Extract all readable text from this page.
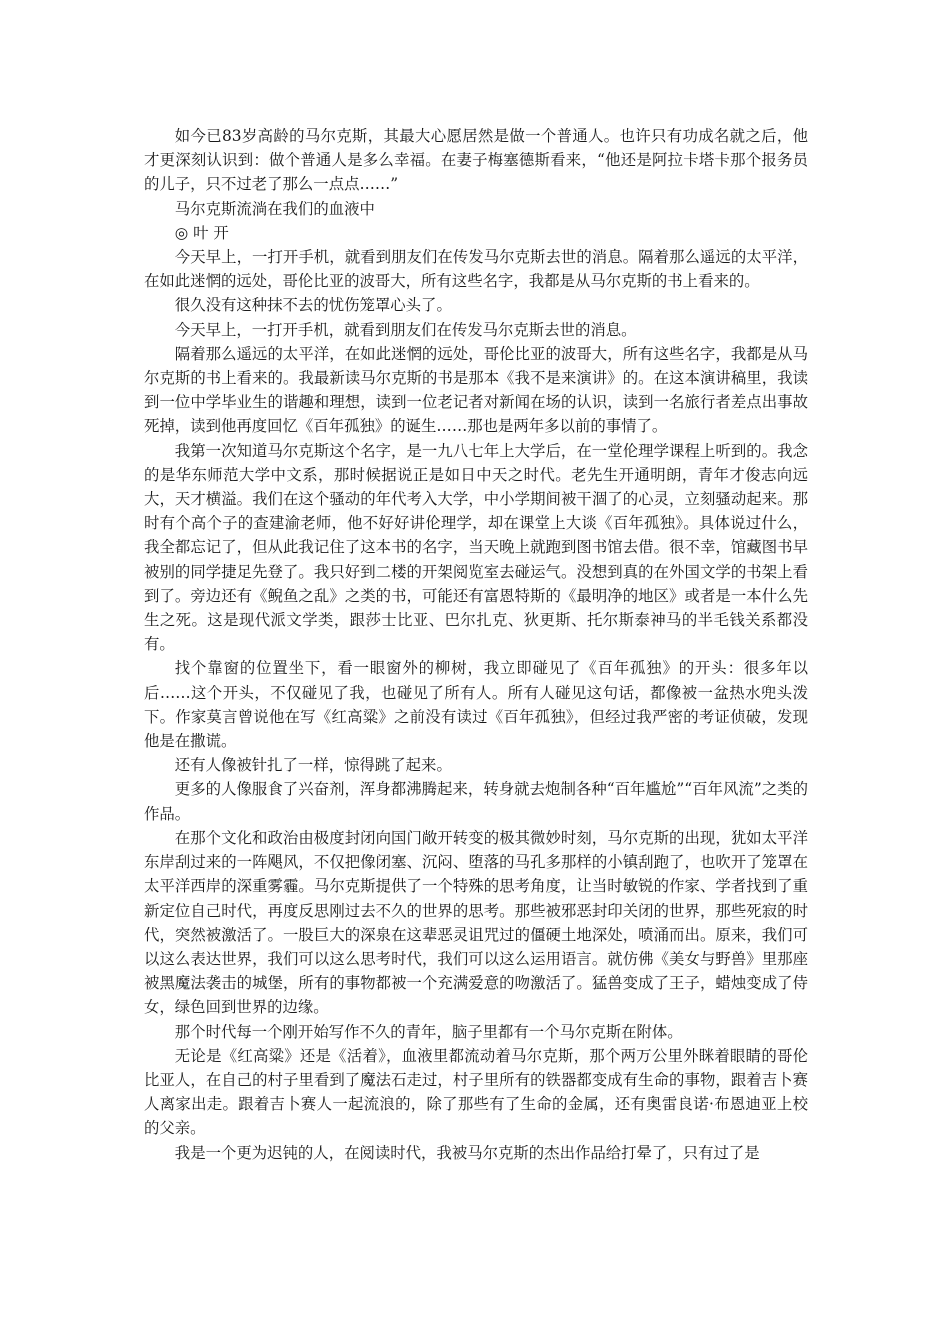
如今已83岁高龄的马尔克斯，其最大心愿居然是做一个普通人。也许只有功成名就之后，他才更深刻认识到：做个普通人是多么幸福。在妻子梅塞德斯看来，“他还是阿拉卡塔卡那个报务员的儿子，只不过老了那么一点点……”

马尔克斯流淌在我们的血液中

◎ 叶 开

今天早上，一打开手机，就看到朋友们在传发马尔克斯去世的消息。隔着那么遥远的太平洋，在如此迷惘的远处，哥伦比亚的波哥大，所有这些名字，我都是从马尔克斯的书上看来的。

很久没有这种抹不去的忧伤笼罩心头了。

今天早上，一打开手机，就看到朋友们在传发马尔克斯去世的消息。

隔着那么遥远的太平洋，在如此迷惘的远处，哥伦比亚的波哥大，所有这些名字，我都是从马尔克斯的书上看来的。我最新读马尔克斯的书是那本《我不是来演讲》的。在这本演讲稿里，我读到一位中学毕业生的谐趣和理想，读到一位老记者对新闻在场的认识，读到一名旅行者差点出事故死掉，读到他再度回忆《百年孤独》的诞生……那也是两年多以前的事情了。

我第一次知道马尔克斯这个名字，是一九八七年上大学后，在一堂伦理学课程上听到的。我念的是华东师范大学中文系，那时候据说正是如日中天之时代。老先生开通明朗，青年才俊志向远大，天才横溢。我们在这个骚动的年代考入大学，中小学期间被干涸了的心灵，立刻骚动起来。那时有个高个子的查建渝老师，他不好好讲伦理学，却在课堂上大谈《百年孤独》。具体说过什么，我全都忘记了，但从此我记住了这本书的名字，当天晚上就跑到图书馆去借。很不幸，馆藏图书早被别的同学捷足先登了。我只好到二楼的开架阅览室去碰运气。没想到真的在外国文学的书架上看到了。旁边还有《鲵鱼之乱》之类的书，可能还有富恩特斯的《最明净的地区》或者是一本什么先生之死。这是现代派文学类，跟莎士比亚、巴尔扎克、狄更斯、托尔斯泰神马的半毛钱关系都没有。

找个靠窗的位置坐下，看一眼窗外的柳树，我立即碰见了《百年孤独》的开头：很多年以后……这个开头，不仅碰见了我，也碰见了所有人。所有人碰见这句话，都像被一盆热水兜头泼下。作家莫言曾说他在写《红高粱》之前没有读过《百年孤独》，但经过我严密的考证侦破，发现他是在撒谎。

还有人像被针扎了一样，惊得跳了起来。

更多的人像服食了兴奋剂，浑身都沸腾起来，转身就去炮制各种“百年尴尬”“百年风流”之类的作品。

在那个文化和政治由极度封闭向国门敞开转变的极其微妙时刻，马尔克斯的出现，犹如太平洋东岸刮过来的一阵飓风，不仅把像闭塞、沉闷、堕落的马孔多那样的小镇刮跑了，也吹开了笼罩在太平洋西岸的深重雾霾。马尔克斯提供了一个特殊的思考角度，让当时敏锐的作家、学者找到了重新定位自己时代，再度反思刚过去不久的世界的思考。那些被邪恶封印关闭的世界，那些死寂的时代，突然被激活了。一股巨大的深泉在这辈恶灵诅咒过的僵硬土地深处，喷涌而出。原来，我们可以这么表达世界，我们可以这么思考时代，我们可以这么运用语言。就仿佛《美女与野兽》里那座被黑魔法袭击的城堡，所有的事物都被一个充满爱意的吻激活了。猛兽变成了王子，蜡烛变成了侍女，绿色回到世界的边缘。

那个时代每一个刚开始写作不久的青年，脑子里都有一个马尔克斯在附体。

无论是《红高粱》还是《活着》，血液里都流动着马尔克斯，那个两万公里外眯着眼睛的哥伦比亚人，在自己的村子里看到了魔法石走过，村子里所有的铁器都变成有生命的事物，跟着吉卜赛人离家出走。跟着吉卜赛人一起流浪的，除了那些有了生命的金属，还有奥雷良诺·布恩迪亚上校的父亲。

我是一个更为迟钝的人，在阅读时代，我被马尔克斯的杰出作品给打晕了，只有过了是
